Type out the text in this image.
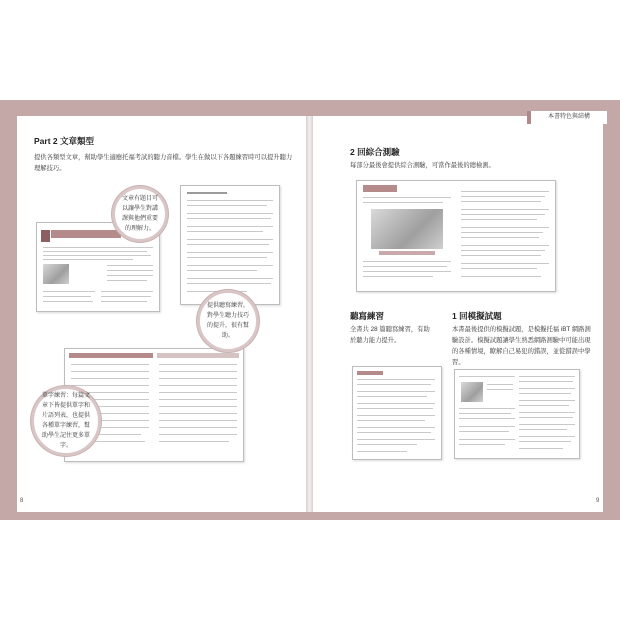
本書特色與結構
Part 2 文章類型
提供各類型文章，幫助學生適應托福考試的聽力音檔。學生在做以下各題練習時可以提升聽力理解技巧。
文章有題目可以讓學生對講課與他們重要的理解力。
提供聽寫練習，對學生聽力技巧的提升，很有幫助。
單字練習：每篇文章下皆提供單字和片語列表，也提供各種單字練習，幫助學生記住更多單字。
8
2 回綜合測驗
每部分最後會提供綜合測驗，可當作最後的總檢測。
聽寫練習
全書共 28 篇聽寫練習，有助於聽力能力提升。
1 回模擬試題
本書最後提供的模擬試題，是模擬托福 iBT 網路測驗設計。模擬試題讓學生熟悉網路測驗中可能出現的各種情境，瞭解自己易犯的錯誤，並從錯誤中學習。
9
